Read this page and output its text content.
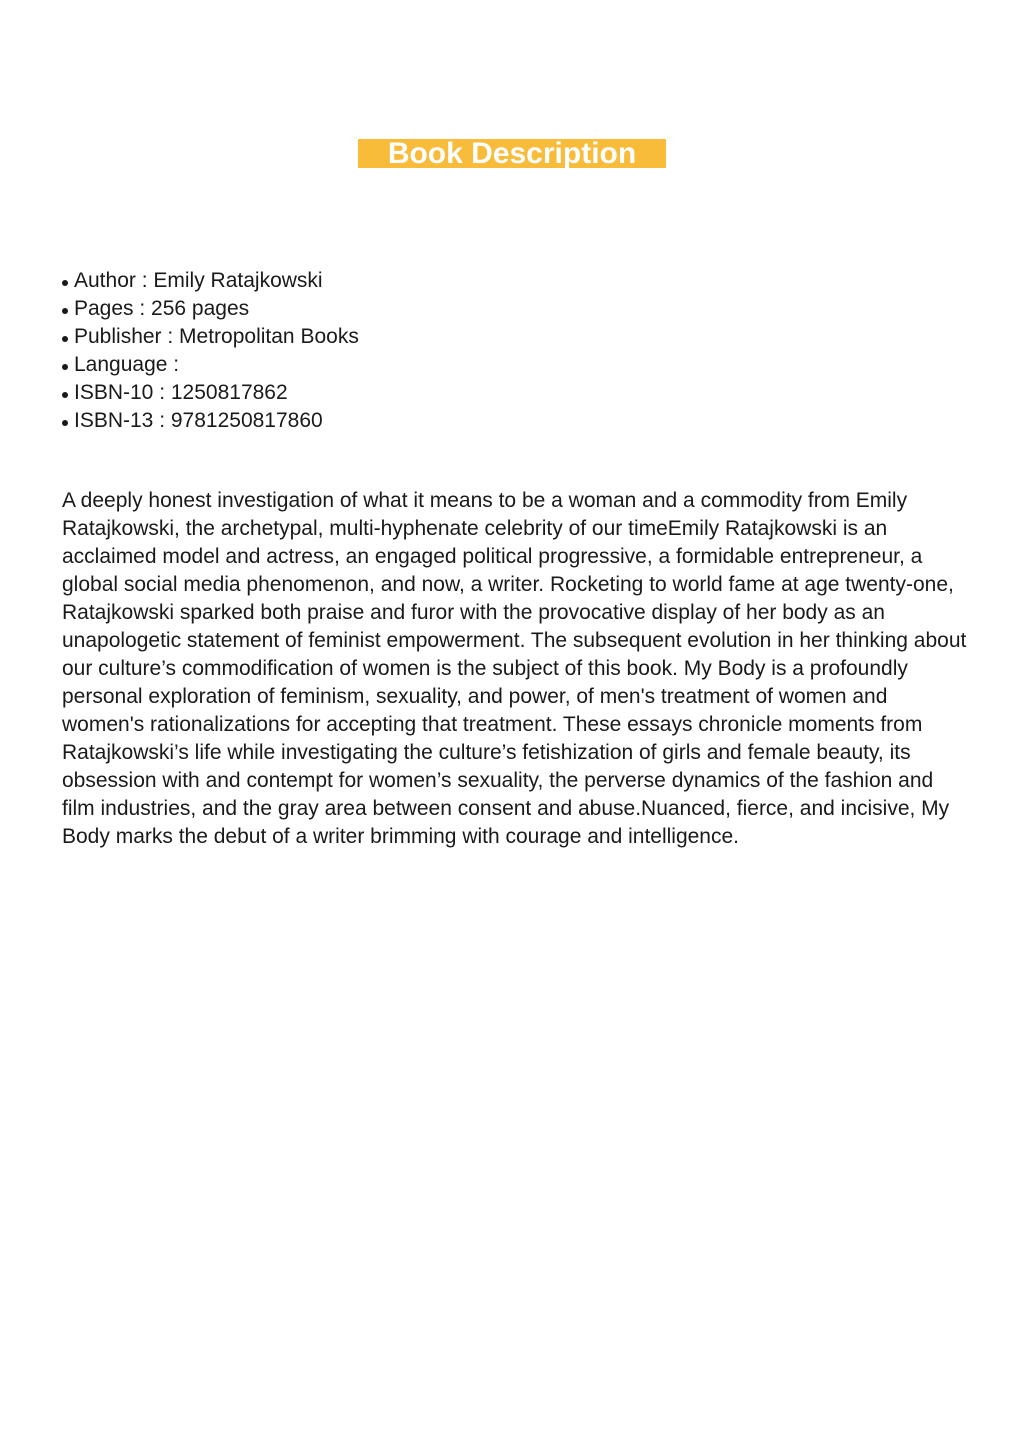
Book Description
Author : Emily Ratajkowski
Pages : 256 pages
Publisher : Metropolitan Books
Language :
ISBN-10 : 1250817862
ISBN-13 : 9781250817860

A deeply honest investigation of what it means to be a woman and a commodity from Emily Ratajkowski, the archetypal, multi-hyphenate celebrity of our timeEmily Ratajkowski is an acclaimed model and actress, an engaged political progressive, a formidable entrepreneur, a global social media phenomenon, and now, a writer. Rocketing to world fame at age twenty-one, Ratajkowski sparked both praise and furor with the provocative display of her body as an unapologetic statement of feminist empowerment. The subsequent evolution in her thinking about our culture’s commodification of women is the subject of this book. My Body is a profoundly personal exploration of feminism, sexuality, and power, of men's treatment of women and women's rationalizations for accepting that treatment. These essays chronicle moments from Ratajkowski’s life while investigating the culture’s fetishization of girls and female beauty, its obsession with and contempt for women’s sexuality, the perverse dynamics of the fashion and film industries, and the gray area between consent and abuse.Nuanced, fierce, and incisive, My Body marks the debut of a writer brimming with courage and intelligence.
